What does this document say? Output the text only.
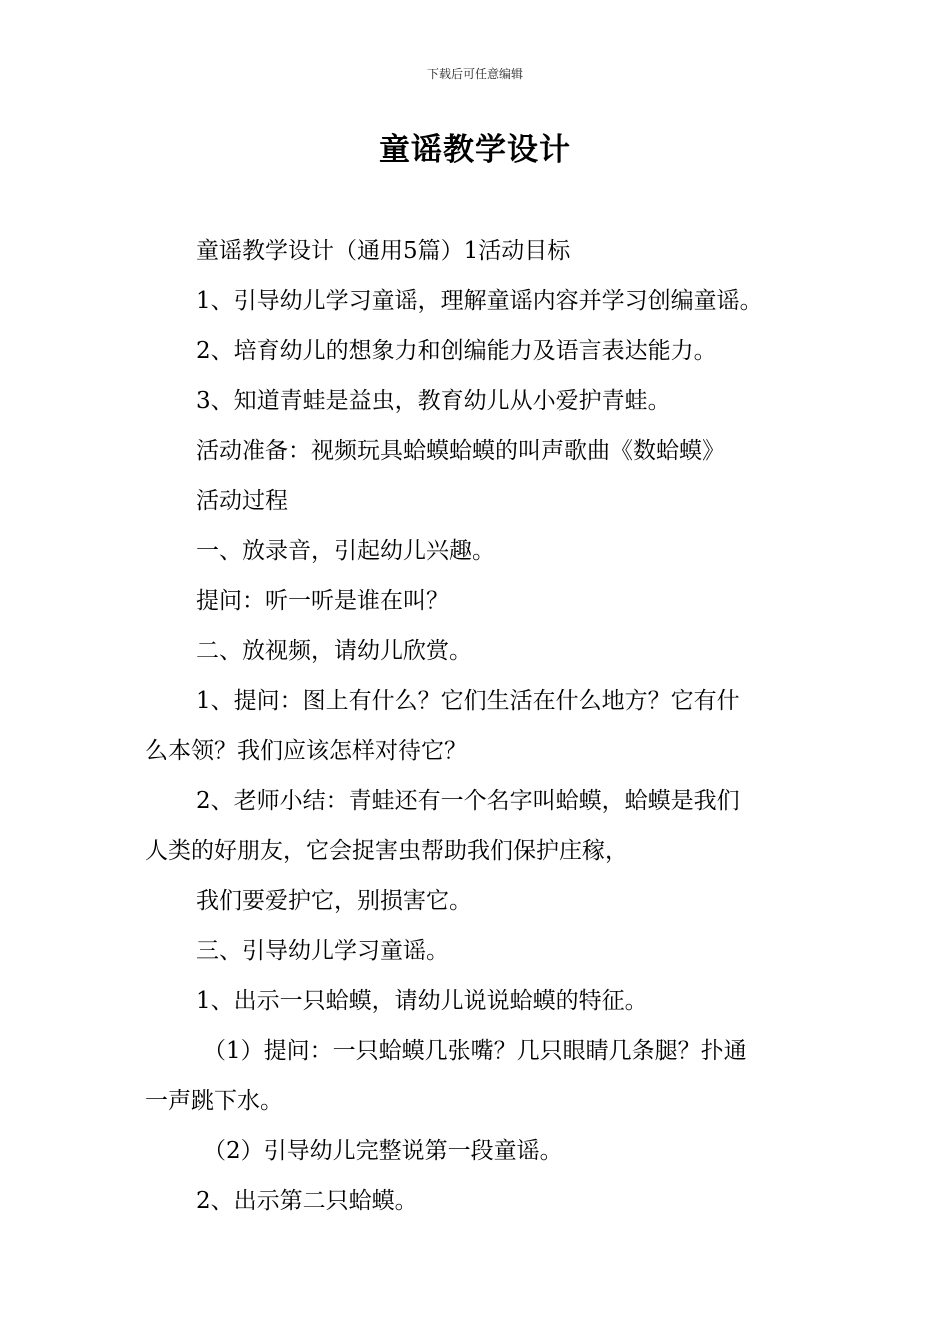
下载后可任意编辑
童谣教学设计

童谣教学设计（通用5篇）1活动目标

1、引导幼儿学习童谣，理解童谣内容并学习创编童谣。

2、培育幼儿的想象力和创编能力及语言表达能力。

3、知道青蛙是益虫，教育幼儿从小爱护青蛙。

活动准备：视频玩具蛤蟆蛤蟆的叫声歌曲《数蛤蟆》

活动过程

一、放录音，引起幼儿兴趣。

提问：听一听是谁在叫？

二、放视频，请幼儿欣赏。

1、提问：图上有什么？它们生活在什么地方？它有什

么本领？我们应该怎样对待它？

2、老师小结：青蛙还有一个名字叫蛤蟆，蛤蟆是我们

人类的好朋友，它会捉害虫帮助我们保护庄稼，

我们要爱护它，别损害它。

三、引导幼儿学习童谣。

1、出示一只蛤蟆，请幼儿说说蛤蟆的特征。

（1）提问：一只蛤蟆几张嘴？几只眼睛几条腿？扑通

一声跳下水。

（2）引导幼儿完整说第一段童谣。

2、出示第二只蛤蟆。
